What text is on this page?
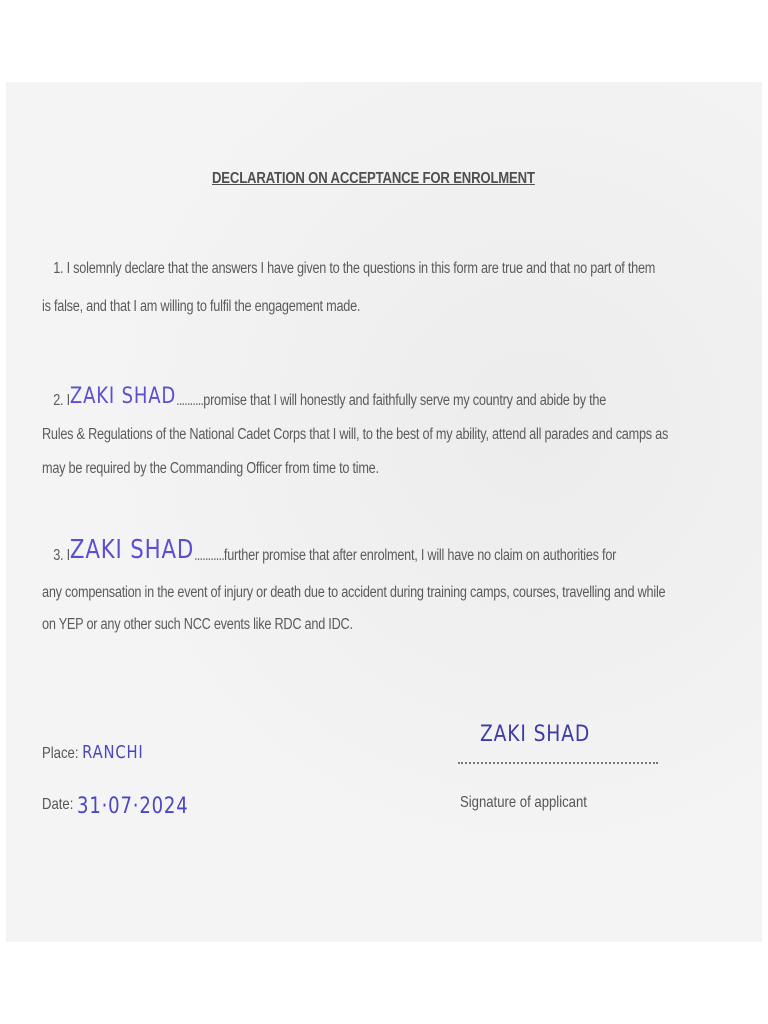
DECLARATION ON ACCEPTANCE FOR ENROLMENT
1. I solemnly declare that the answers I have given to the questions in this form are true and that no part of them
is false, and that I am willing to fulfil the engagement made.
2. IZAKI SHAD..........promise that I will honestly and faithfully serve my country and abide by the
Rules & Regulations of the National Cadet Corps that I will, to the best of my ability, attend all parades and camps as
may be required by the Commanding Officer from time to time.
3. IZAKI SHAD...........further promise that after enrolment, I will have no claim on authorities for
any compensation in the event of injury or death due to accident during training camps, courses, travelling and while
on YEP or any other such NCC events like RDC and IDC.
Place: RANCHI
Date: 31·07·2024
ZAKI SHAD
Signature of applicant
